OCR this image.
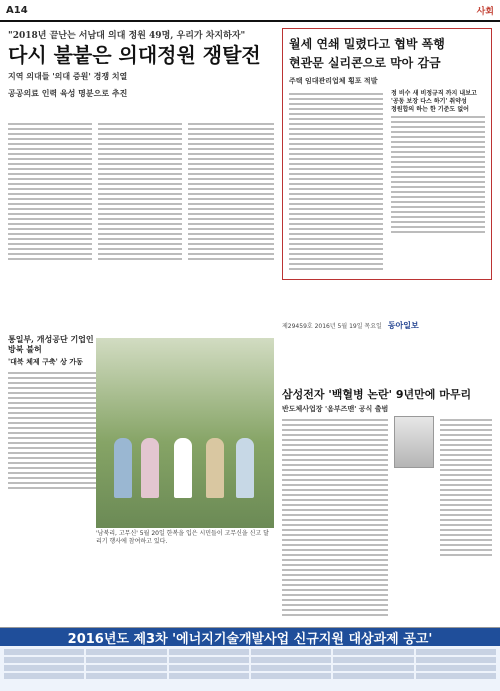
A14	사회
제29459호 2016년 5월 19일 목요일 동아일보
"2018년 끝난는 서남대 의대 정원 49명, 우리가 차지하자"
다시 불붙은 의대정원 쟁탈전
지역 의대들 '의대 증원' 경쟁 치열
공공의료 인력 육성 명분으로 추진
통일부, 개성공단 기업인 방북 불허
'대북 체제 구축' 상 가동
'남북리, 고무신' 5월 20일 한복을 입은 시민들이 고무신을 신고 달리기 행사에 참여하고 있다.
월세 연쇄 밀렸다고 협박 폭행
현관문 실리콘으로 막아 감금
주택 임대관리업체 횡포 적발
정 비수 새 비정규직 까지 내보고
'공동 보장 다스 하기' 취약성
정원합의 하는 한 기준도 없어
삼성전자 '백혈병 논란' 9년만에 마무리
반도체사업장 '옴부즈맨' 공식 출범
2016년도 제3차 '에너지기술개발사업 신규지원 대상과제 공고'
